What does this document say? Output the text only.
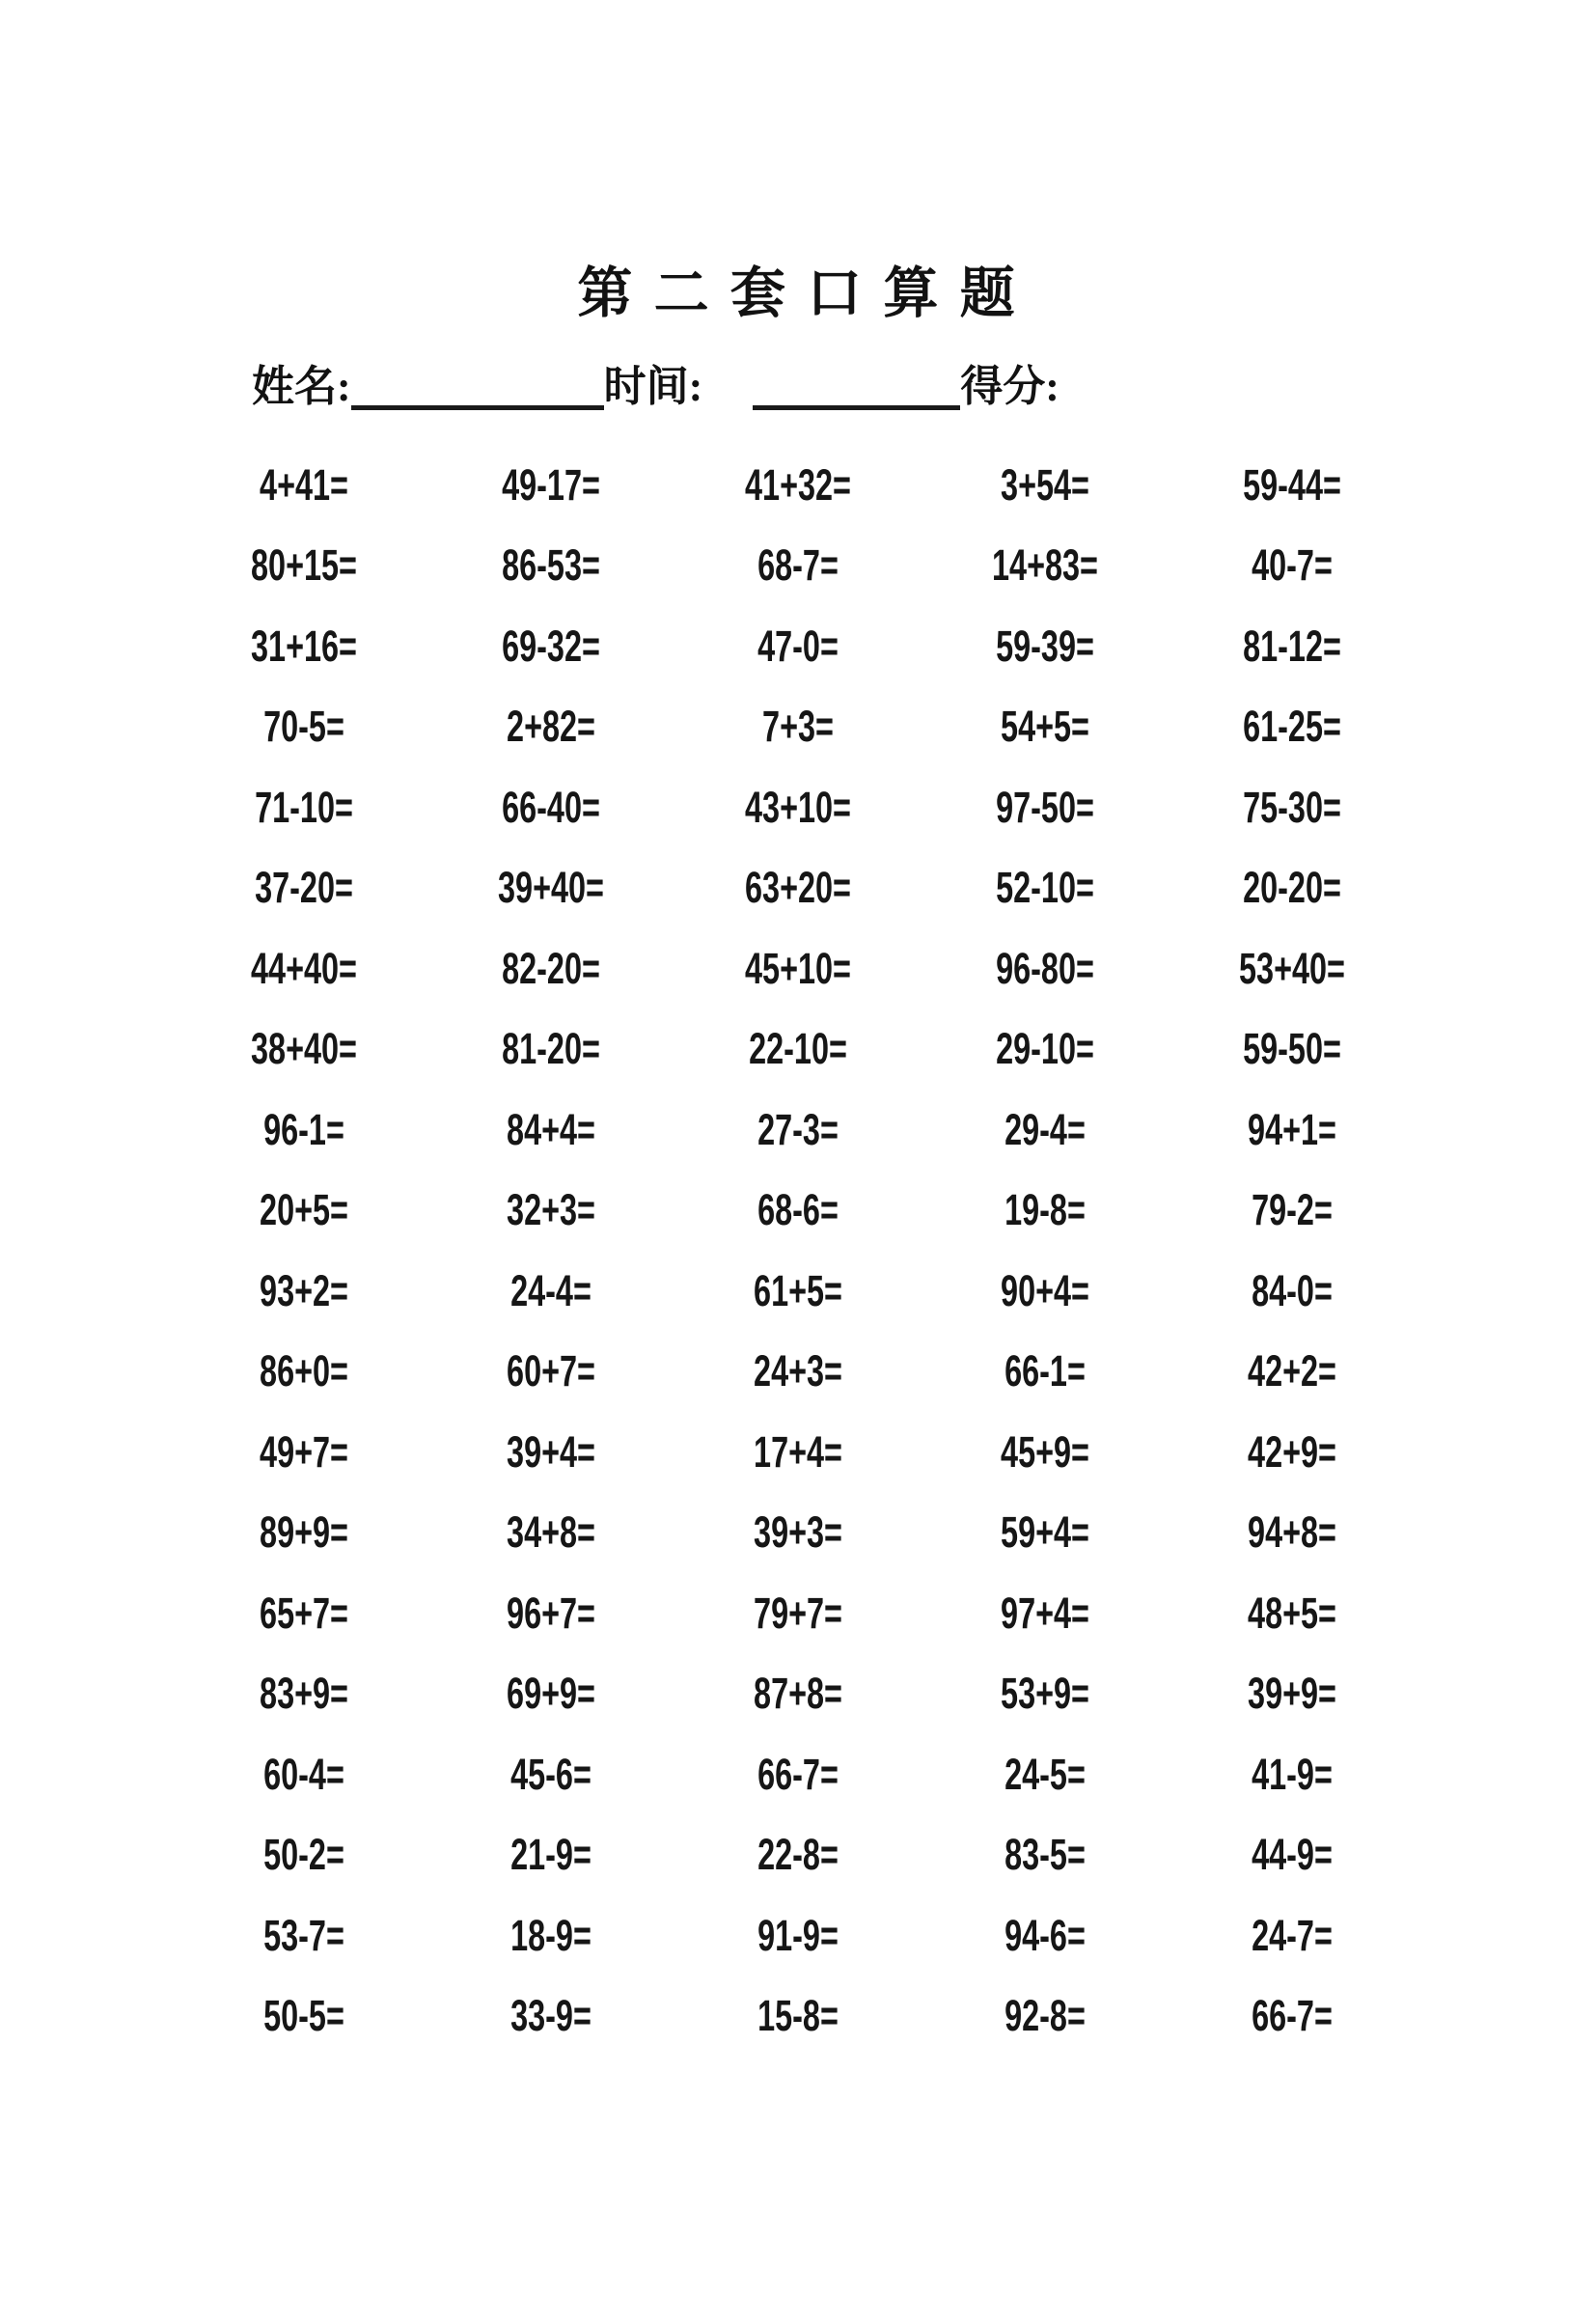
第 二 套 口 算 题
姓名:	时间:	得分:
4+41=	49-17=	41+32=	3+54=	59-44=
80+15=	86-53=	68-7=	14+83=	40-7=
31+16=	69-32=	47-0=	59-39=	81-12=
70-5=	2+82=	7+3=	54+5=	61-25=
71-10=	66-40=	43+10=	97-50=	75-30=
37-20=	39+40=	63+20=	52-10=	20-20=
44+40=	82-20=	45+10=	96-80=	53+40=
38+40=	81-20=	22-10=	29-10=	59-50=
96-1=	84+4=	27-3=	29-4=	94+1=
20+5=	32+3=	68-6=	19-8=	79-2=
93+2=	24-4=	61+5=	90+4=	84-0=
86+0=	60+7=	24+3=	66-1=	42+2=
49+7=	39+4=	17+4=	45+9=	42+9=
89+9=	34+8=	39+3=	59+4=	94+8=
65+7=	96+7=	79+7=	97+4=	48+5=
83+9=	69+9=	87+8=	53+9=	39+9=
60-4=	45-6=	66-7=	24-5=	41-9=
50-2=	21-9=	22-8=	83-5=	44-9=
53-7=	18-9=	91-9=	94-6=	24-7=
50-5=	33-9=	15-8=	92-8=	66-7=
